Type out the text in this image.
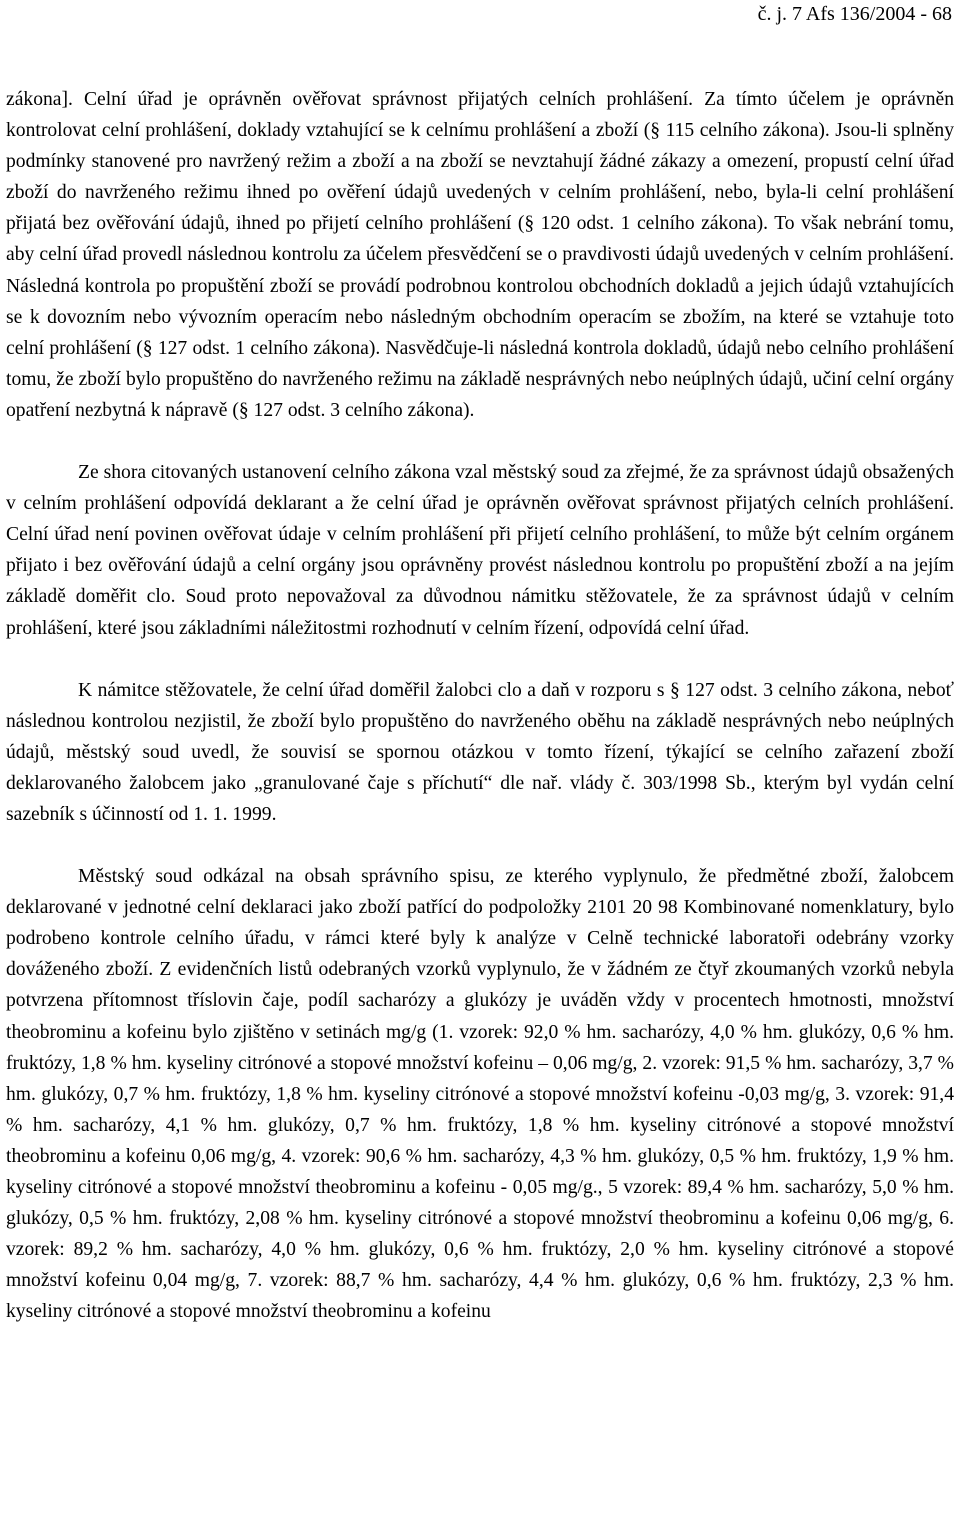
č. j. 7 Afs 136/2004 - 68

zákona]. Celní úřad je oprávněn ověřovat správnost přijatých celních prohlášení. Za tímto účelem je oprávněn kontrolovat celní prohlášení, doklady vztahující se k celnímu prohlášení a zboží (§ 115 celního zákona). Jsou-li splněny podmínky stanovené pro navržený režim a zboží a na zboží se nevztahují žádné zákazy a omezení, propustí celní úřad zboží do navrženého režimu ihned po ověření údajů uvedených v celním prohlášení, nebo, byla-li celní prohlášení přijatá bez ověřování údajů, ihned po přijetí celního prohlášení (§ 120 odst. 1 celního zákona). To však nebrání tomu, aby celní úřad provedl následnou kontrolu za účelem přesvědčení se o pravdivosti údajů uvedených v celním prohlášení. Následná kontrola po propuštění zboží se provádí podrobnou kontrolou obchodních dokladů a jejich údajů vztahujících se k dovozním nebo vývozním operacím nebo následným obchodním operacím se zbožím, na které se vztahuje toto celní prohlášení (§ 127 odst. 1 celního zákona). Nasvědčuje-li následná kontrola dokladů, údajů nebo celního prohlášení tomu, že zboží bylo propuštěno do navrženého režimu na základě nesprávných nebo neúplných údajů, učiní celní orgány opatření nezbytná k nápravě (§ 127 odst. 3 celního zákona).

Ze shora citovaných ustanovení celního zákona vzal městský soud za zřejmé, že za správnost údajů obsažených v celním prohlášení odpovídá deklarant a že celní úřad je oprávněn ověřovat správnost přijatých celních prohlášení. Celní úřad není povinen ověřovat údaje v celním prohlášení při přijetí celního prohlášení, to může být celním orgánem přijato i bez ověřování údajů a celní orgány jsou oprávněny provést následnou kontrolu po propuštění zboží a na jejím základě doměřit clo. Soud proto nepovažoval za důvodnou námitku stěžovatele, že za správnost údajů v celním prohlášení, které jsou základními náležitostmi rozhodnutí v celním řízení, odpovídá celní úřad.

K námitce stěžovatele, že celní úřad doměřil žalobci clo a daň v rozporu s § 127 odst. 3 celního zákona, neboť následnou kontrolou nezjistil, že zboží bylo propuštěno do navrženého oběhu na základě nesprávných nebo neúplných údajů, městský soud uvedl, že souvisí se spornou otázkou v tomto řízení, týkající se celního zařazení zboží deklarovaného žalobcem jako „granulované čaje s příchutí“ dle nař. vlády č. 303/1998 Sb., kterým byl vydán celní sazebník s účinností od 1. 1. 1999.

Městský soud odkázal na obsah správního spisu, ze kterého vyplynulo, že předmětné zboží, žalobcem deklarované v jednotné celní deklaraci jako zboží patřící do podpoložky 2101 20 98 Kombinované nomenklatury, bylo podrobeno kontrole celního úřadu, v rámci které byly k analýze v Celně technické laboratoři odebrány vzorky dováženého zboží. Z evidenčních listů odebraných vzorků vyplynulo, že v žádném ze čtyř zkoumaných vzorků nebyla potvrzena přítomnost tříslovin čaje, podíl sacharózy a glukózy je uváděn vždy v procentech hmotnosti, množství theobrominu a kofeinu bylo zjištěno v setinách mg/g (1. vzorek: 92,0 % hm. sacharózy, 4,0 % hm. glukózy, 0,6 % hm. fruktózy, 1,8 % hm. kyseliny citrónové a stopové množství kofeinu – 0,06 mg/g, 2. vzorek: 91,5 % hm. sacharózy, 3,7 % hm. glukózy, 0,7 % hm. fruktózy, 1,8 % hm. kyseliny citrónové a stopové množství kofeinu -0,03 mg/g, 3. vzorek: 91,4 % hm. sacharózy, 4,1 % hm. glukózy, 0,7 % hm. fruktózy, 1,8 % hm. kyseliny citrónové a stopové množství theobrominu a kofeinu 0,06 mg/g, 4. vzorek: 90,6 % hm. sacharózy, 4,3 % hm. glukózy, 0,5 % hm. fruktózy, 1,9 % hm. kyseliny citrónové a stopové množství theobrominu a kofeinu - 0,05 mg/g., 5 vzorek: 89,4 % hm. sacharózy, 5,0 % hm. glukózy, 0,5 % hm. fruktózy, 2,08 % hm. kyseliny citrónové a stopové množství theobrominu a kofeinu 0,06 mg/g, 6. vzorek: 89,2 % hm. sacharózy, 4,0 % hm. glukózy, 0,6 % hm. fruktózy, 2,0 % hm. kyseliny citrónové a stopové množství kofeinu 0,04 mg/g, 7. vzorek: 88,7 % hm. sacharózy, 4,4 % hm. glukózy, 0,6 % hm. fruktózy, 2,3 % hm. kyseliny citrónové a stopové množství theobrominu a kofeinu
